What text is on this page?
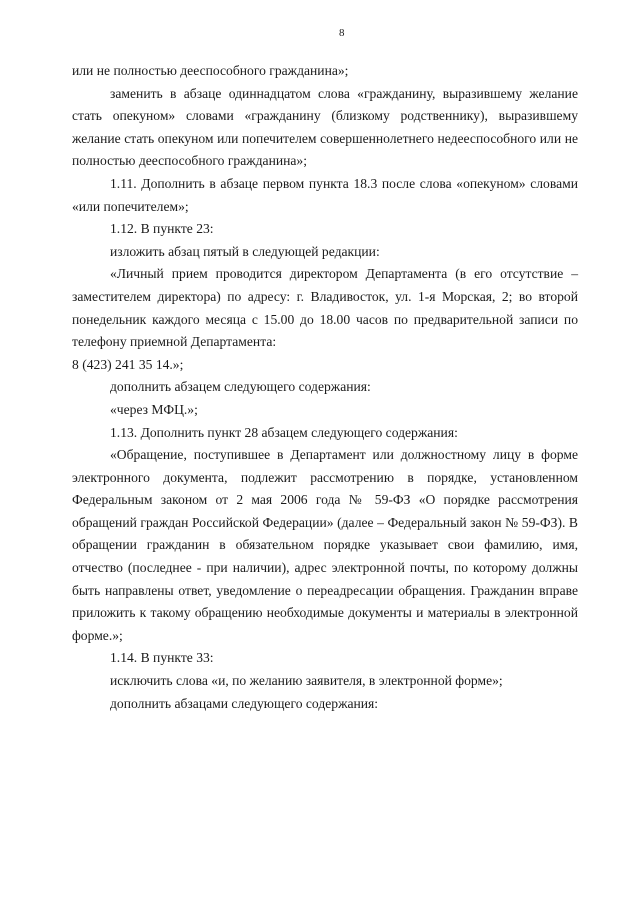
8

или не полностью дееспособного гражданина»;

заменить в абзаце одиннадцатом слова «гражданину, выразившему желание стать опекуном» словами «гражданину (близкому родственнику), выразившему желание стать опекуном или попечителем совершеннолетнего недееспособного или не полностью дееспособного гражданина»;

1.11. Дополнить в абзаце первом пункта 18.3 после слова «опекуном» словами «или попечителем»;

1.12. В пункте 23:

изложить абзац пятый в следующей редакции:

«Личный прием проводится директором Департамента (в его отсутствие – заместителем директора) по адресу: г. Владивосток, ул. 1-я Морская, 2; во второй понедельник каждого месяца с 15.00 до 18.00 часов по предварительной записи по телефону приемной Департамента:

8 (423) 241 35 14.»;

дополнить абзацем следующего содержания:

«через МФЦ.»;

1.13. Дополнить пункт 28 абзацем следующего содержания:

«Обращение, поступившее в Департамент или должностному лицу в форме электронного документа, подлежит рассмотрению в порядке, установленном Федеральным законом от 2 мая 2006 года № 59-ФЗ «О порядке рассмотрения обращений граждан Российской Федерации» (далее – Федеральный закон № 59-ФЗ). В обращении гражданин в обязательном порядке указывает свои фамилию, имя, отчество (последнее - при наличии), адрес электронной почты, по которому должны быть направлены ответ, уведомление о переадресации обращения. Гражданин вправе приложить к такому обращению необходимые документы и материалы в электронной форме.»;

1.14. В пункте 33:

исключить слова «и, по желанию заявителя, в электронной форме»;

дополнить абзацами следующего содержания:
